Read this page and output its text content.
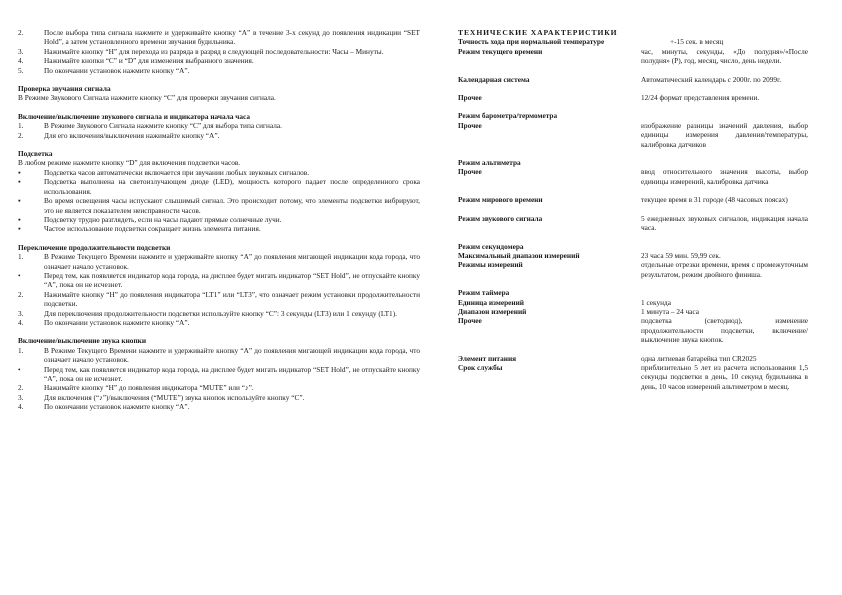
2.	После выбора типа сигнала нажмите и удерживайте кнопку “A” в течение 3-х секунд до появления индикации “SET Hold”, а затем установленного времени звучания будильника.
3.	Нажимайте кнопку “H” для перехода из разряда в разряд в следующей последовательности: Часы – Минуты.
4.	Нажимайте кнопки “C” и “D” для изменения выбранного значения.
5.	По окончании установок нажмите кнопку “A”.
Проверка звучания сигнала
В Режиме Звукового Сигнала нажмите кнопку “C” для проверки звучания сигнала.
Включение/выключение звукового сигнала и индикатора начала часа
1.	В Режиме Звукового Сигнала нажмите кнопку “C” для выбора типа сигнала.
2.	Для его включения/выключения нажимайте кнопку “A”.
Подсветка
В любом режиме нажмите кнопку “D” для включения подсветки часов.
▪	Подсветка часов автоматически включается при звучании любых звуковых сигналов.
▪	Подсветка выполнена на светоизлучающем диоде (LED), мощность которого падает после определенного срока использования.
▪	Во время освещения часы испускают слышимый сигнал. Это происходит потому, что элементы подсветки вибрируют, это не является показателем неисправности часов.
▪	Подсветку трудно разглядеть, если на часы падают прямые солнечные лучи.
▪	Частое использование подсветки сокращает жизнь элемента питания.
Переключение продолжительности подсветки
1.	В Режиме Текущего Времени нажмите и удерживайте кнопку “A” до появления мигающей индикации кода города, что означает начало установок.
•	Перед тем, как появляется индикатор кода города, на дисплее будет мигать индикатор “SET Hold”, не отпускайте кнопку “A”, пока он не исчезнет.
2.	Нажимайте кнопку “H” до появления индикатора “LT1” или “LT3”, что означает режим установки продолжительности подсветки.
3.	Для переключения продолжительности подсветки используйте кнопку “C”: 3 секунды (LT3) или 1 секунду (LT1).
4.	По окончании установок нажмите кнопку “A”.
Включение/выключение звука кнопки
1.	В Режиме Текущего Времени нажмите и удерживайте кнопку “A” до появления мигающей индикации кода города, что означает начало установок.
•	Перед тем, как появляется индикатор кода города, на дисплее будет мигать индикатор “SET Hold”, не отпускайте кнопку “A”, пока он не исчезнет.
2.	Нажимайте кнопку “H” до появления индикатора “MUTE” или “♪”.
3.	Для включения (“♪”)/выключения (“MUTE”) звука кнопок используйте кнопку “C”.
4.	По окончании установок нажмите кнопку “A”.
ТЕХНИЧЕСКИЕ ХАРАКТЕРИСТИКИ
Точность хода при нормальной температуре	+-15 сек. в месяц
Режим текущего времени	час, минуты, секунды, «До полудня»/«После полудня» (P), год, месяц, число, день недели.
Календарная система	Автоматический календарь с 2000г. по 2099г.
Прочее	12/24 формат представления времени.
Режим барометра/термометра
Прочее	изображение разницы значений давления, выбор единицы измерения давления/температуры, калибровка датчиков
Режим альтиметра
Прочее	ввод относительного значения высоты, выбор единицы измерений, калибровка датчика
Режим мирового времени	текущее время в 31 городе (48 часовых поясах)
Режим звукового сигнала	5 ежедневных звуковых сигналов, индикация начала часа.
Режим секундомера
Максимальный диапазон измерений	23 часа 59 мин. 59,99 сек.
Режимы измерений	отдельные отрезки времени, время с промежуточным результатом, режим двойного финиша.
Режим таймера
Единица измерений	1 секунда
Диапазон измерений	1 минута – 24 часа
Прочее	подсветка (светодиод), изменение продолжительности подсветки, включение/выключение звука кнопок.
Элемент питания	одна литиевая батарейка тип CR2025
Срок службы	приблизительно 5 лет из расчета использования 1,5 секунды подсветки в день, 10 секунд будильника в день, 10 часов измерений альтиметром в месяц.
